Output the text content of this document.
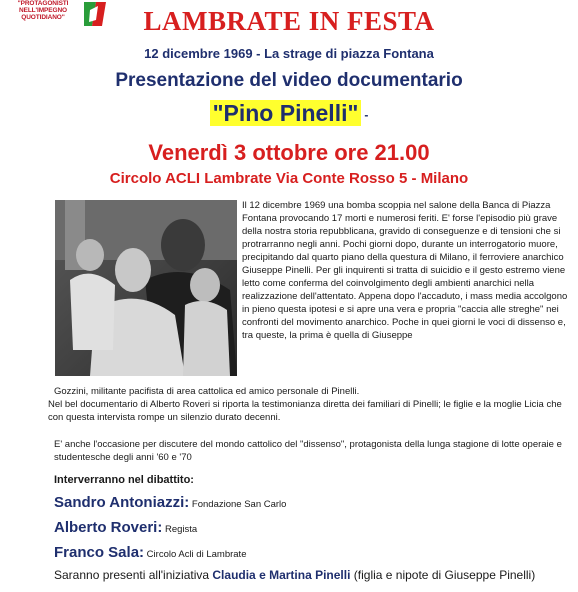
"PROTAGONISTI NELL'IMPEGNO QUOTIDIANO"	LAMBRATE IN FESTA
12 dicembre 1969 - La strage di piazza Fontana
Presentazione del video documentario
"Pino Pinelli" -
Venerdì 3 ottobre ore 21.00
Circolo ACLI Lambrate Via Conte Rosso 5 - Milano
Il 12 dicembre 1969 una bomba scoppia nel salone della Banca di Piazza Fontana provocando 17 morti e numerosi feriti. E' forse l'episodio più grave della nostra storia repubblicana, gravido di conseguenze e di tensioni che si protrarranno negli anni. Pochi giorni dopo, durante un interrogatorio muore, precipitando dal quarto piano della questura di Milano, il ferroviere anarchico Giuseppe Pinelli. Per gli inquirenti si tratta di suicidio e il gesto estremo viene letto come conferma del coinvolgimento degli ambienti anarchici nella realizzazione dell'attentato. Appena dopo l'accaduto, i mass media accolgono in pieno questa ipotesi e si apre una vera e propria "caccia alle streghe" nei confronti del movimento anarchico. Poche in quei giorni le voci di dissenso e, tra queste, la prima è quella di Giuseppe
Gozzini, militante pacifista di area cattolica ed amico personale di Pinelli.
Nel bel documentario di Alberto Roveri si riporta la testimonianza diretta dei familiari di Pinelli; le figlie e la moglie Licia che con questa intervista rompe un silenzio durato decenni.
E' anche l'occasione per discutere del mondo cattolico del "dissenso", protagonista della lunga stagione di lotte operaie e studentesche degli anni '60 e '70
Interverranno nel dibattito:
Sandro Antoniazzi: Fondazione San Carlo
Alberto Roveri: Regista
Franco Sala: Circolo Acli di Lambrate
Saranno presenti all'iniziativa Claudia e Martina Pinelli (figlia e nipote di Giuseppe Pinelli)
